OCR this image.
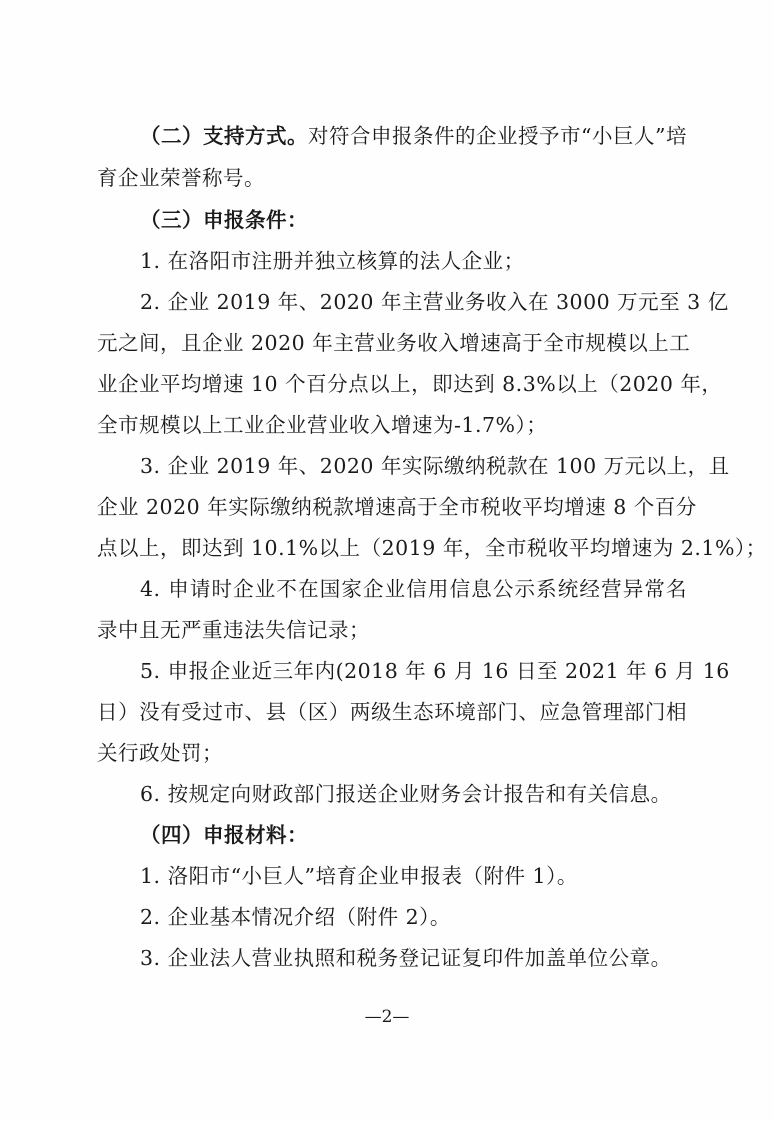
（二）支持方式。对符合申报条件的企业授予市“小巨人”培
育企业荣誉称号。
（三）申报条件：
1. 在洛阳市注册并独立核算的法人企业；
2. 企业 2019 年、2020 年主营业务收入在 3000 万元至 3 亿
元之间，且企业 2020 年主营业务收入增速高于全市规模以上工
业企业平均增速 10 个百分点以上，即达到 8.3%以上（2020 年，
全市规模以上工业企业营业收入增速为-1.7%）；
3. 企业 2019 年、2020 年实际缴纳税款在 100 万元以上，且
企业 2020 年实际缴纳税款增速高于全市税收平均增速 8 个百分
点以上，即达到 10.1%以上（2019 年，全市税收平均增速为 2.1%）；
4. 申请时企业不在国家企业信用信息公示系统经营异常名
录中且无严重违法失信记录；
5. 申报企业近三年内(2018 年 6 月 16 日至 2021 年 6 月 16
日）没有受过市、县（区）两级生态环境部门、应急管理部门相
关行政处罚；
6. 按规定向财政部门报送企业财务会计报告和有关信息。
（四）申报材料：
1. 洛阳市“小巨人”培育企业申报表（附件 1）。
2. 企业基本情况介绍（附件 2）。
3. 企业法人营业执照和税务登记证复印件加盖单位公章。
—2—
